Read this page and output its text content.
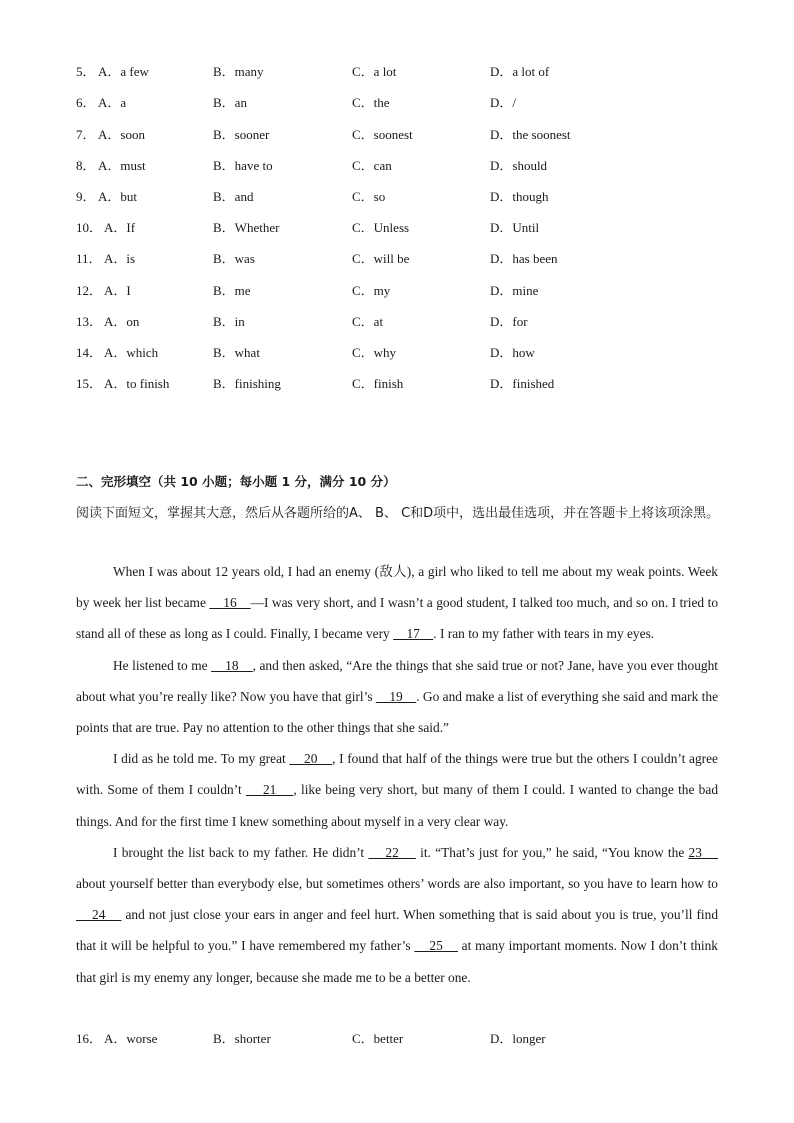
5． A．a few	B．many	C．a lot	D．a lot of
6． A．a	B．an	C．the	D．/
7． A．soon	B．sooner	C．soonest	D．the soonest
8． A．must	B．have to	C．can	D．should
9． A．but	B．and	C．so	D．though
10． A．If	B．Whether	C．Unless	D．Until
11． A．is	B．was	C．will be	D．has been
12． A．I	B．me	C．my	D．mine
13． A．on	B．in	C．at	D．for
14． A．which	B．what	C．why	D．how
15． A．to finish	B．finishing	C．finish	D．finished
二、完形填空（共 10 小题；每小题 1 分，满分 10 分）
阅读下面短文，掌握其大意，然后从各题所给的A、 B、 C和D项中，选出最佳选项，并在答题卡上将该项涂黑。

When I was about 12 years old, I had an enemy (敌人), a girl who liked to tell me about my weak points. Week by week her list became     16 —I was very short, and I wasn’t a good student, I talked too much, and so on. I tried to stand all of these as long as I could. Finally, I became very     17 . I ran to my father with tears in my eyes.

He listened to me     18 , and then asked, “Are the things that she said true or not? Jane, have you ever thought about what you’re really like? Now you have that girl’s     19 . Go and make a list of everything she said and mark the points that are true. Pay no attention to the other things that she said.”

I did as he told me. To my great     20 , I found that half of the things were true but the others I couldn’t agree with. Some of them I couldn’t     21 , like being very short, but many of them I could. I wanted to change the bad things. And for the first time I knew something about myself in a very clear way.

I brought the list back to my father. He didn’t     22     it. “That’s just for you,” he said, “You know the 23     about yourself better than everybody else, but sometimes others’ words are also important, so you have to learn how to     24     and not just close your ears in anger and feel hurt. When something that is said about you is true, you’ll find that it will be helpful to you.” I have remembered my father’s     25     at many important moments. Now I don’t think that girl is my enemy any longer, because she made me to be a better one.

16． A．worse	B．shorter	C．better	D．longer
